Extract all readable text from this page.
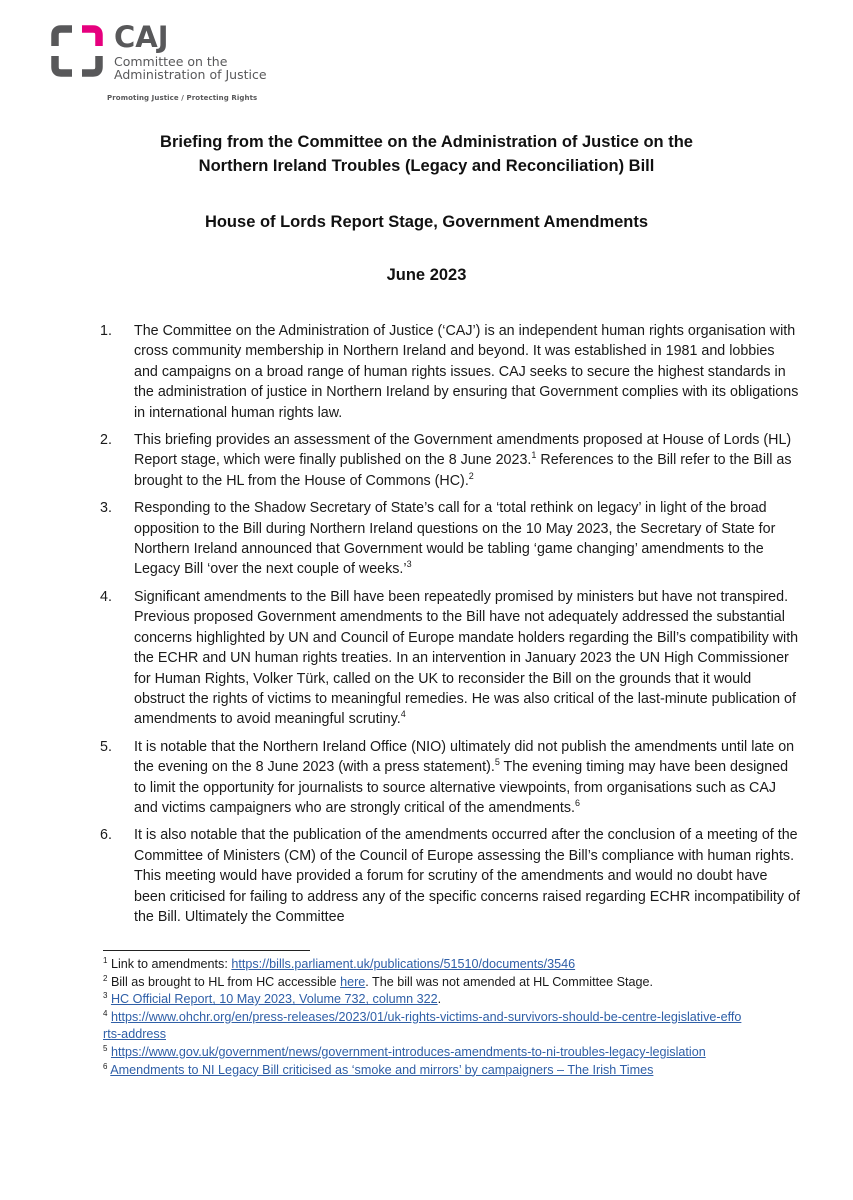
CAJ
Committee on the
Administration of Justice
Promoting Justice / Protecting Rights
Briefing from the Committee on the Administration of Justice on the
Northern Ireland Troubles (Legacy and Reconciliation) Bill
House of Lords Report Stage, Government Amendments
June 2023
1. The Committee on the Administration of Justice (‘CAJ’) is an independent human rights organisation with cross community membership in Northern Ireland and beyond. It was established in 1981 and lobbies and campaigns on a broad range of human rights issues. CAJ seeks to secure the highest standards in the administration of justice in Northern Ireland by ensuring that Government complies with its obligations in international human rights law.
2. This briefing provides an assessment of the Government amendments proposed at House of Lords (HL) Report stage, which were finally published on the 8 June 2023.$^1$ References to the Bill refer to the Bill as brought to the HL from the House of Commons (HC).$^2$
3. Responding to the Shadow Secretary of State’s call for a ‘total rethink on legacy’ in light of the broad opposition to the Bill during Northern Ireland questions on the 10 May 2023, the Secretary of State for Northern Ireland announced that Government would be tabling ‘game changing’ amendments to the Legacy Bill ‘over the next couple of weeks.’$^3$
4. Significant amendments to the Bill have been repeatedly promised by ministers but have not transpired. Previous proposed Government amendments to the Bill have not adequately addressed the substantial concerns highlighted by UN and Council of Europe mandate holders regarding the Bill’s compatibility with the ECHR and UN human rights treaties. In an intervention in January 2023 the UN High Commissioner for Human Rights, Volker Türk, called on the UK to reconsider the Bill on the grounds that it would obstruct the rights of victims to meaningful remedies. He was also critical of the last-minute publication of amendments to avoid meaningful scrutiny.$^4$
5. It is notable that the Northern Ireland Office (NIO) ultimately did not publish the amendments until late on the evening on the 8 June 2023 (with a press statement).$^5$ The evening timing may have been designed to limit the opportunity for journalists to source alternative viewpoints, from organisations such as CAJ and victims campaigners who are strongly critical of the amendments.$^6$
6. It is also notable that the publication of the amendments occurred after the conclusion of a meeting of the Committee of Ministers (CM) of the Council of Europe assessing the Bill’s compliance with human rights. This meeting would have provided a forum for scrutiny of the amendments and would no doubt have been criticised for failing to address any of the specific concerns raised regarding ECHR incompatibility of the Bill. Ultimately the Committee

$^1$ Link to amendments: https://bills.parliament.uk/publications/51510/documents/3546

$^2$ Bill as brought to HL from HC accessible here. The bill was not amended at HL Committee Stage.

$^3$ HC Official Report, 10 May 2023, Volume 732, column 322.

$^4$ https://www.ohchr.org/en/press-releases/2023/01/uk-rights-victims-and-survivors-should-be-centre-legislative-efforts-address

$^5$ https://www.gov.uk/government/news/government-introduces-amendments-to-ni-troubles-legacy-legislation

$^6$ Amendments to NI Legacy Bill criticised as ‘smoke and mirrors’ by campaigners – The Irish Times
